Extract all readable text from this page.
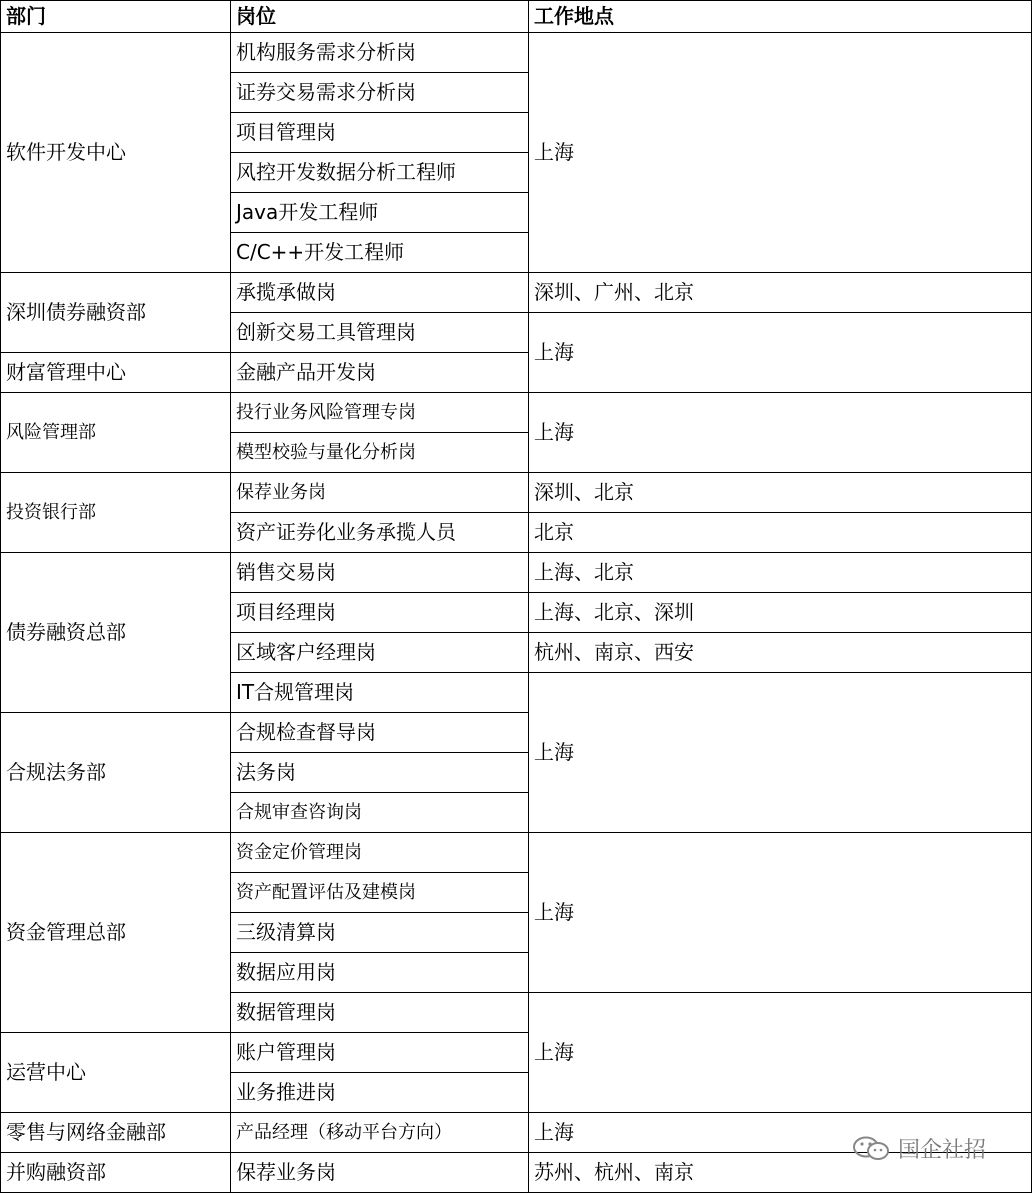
部门	岗位	工作地点
软件开发中心	机构服务需求分析岗	上海
	证券交易需求分析岗	
	项目管理岗	
	风控开发数据分析工程师	
	Java开发工程师	
	C/C++开发工程师	
深圳债券融资部	承揽承做岗	深圳、广州、北京
	创新交易工具管理岗	上海
财富管理中心	金融产品开发岗	
风险管理部	投行业务风险管理专岗	上海
	模型校验与量化分析岗	
投资银行部	保荐业务岗	深圳、北京
	资产证券化业务承揽人员	北京
债券融资总部	销售交易岗	上海、北京
	项目经理岗	上海、北京、深圳
	区域客户经理岗	杭州、南京、西安
	IT合规管理岗	上海
合规法务部	合规检查督导岗	
	法务岗	
	合规审查咨询岗	
资金管理总部	资金定价管理岗	上海
	资产配置评估及建模岗	
	三级清算岗	
	数据应用岗	
	数据管理岗	上海
运营中心	账户管理岗	
	业务推进岗	
零售与网络金融部	产品经理（移动平台方向）	上海
并购融资部	保荐业务岗	苏州、杭州、南京
国企社招
